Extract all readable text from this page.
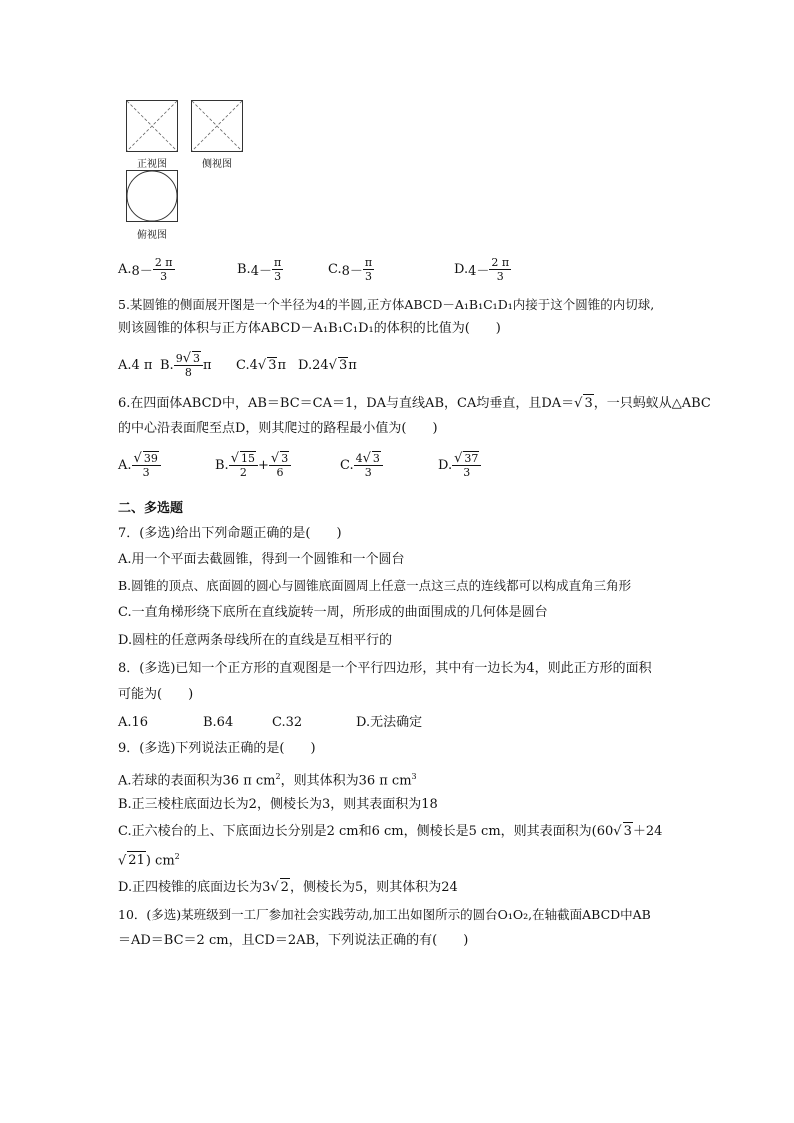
正视图	侧视图
俯视图
A. $8- \frac{2 \pi}{3}$	B. $4- \frac{\pi}{3}$	C. $8- \frac{\pi}{3}$	D. $4- \frac{2 \pi}{3}$
5.某圆锥的侧面展开图是一个半径为4的半圆,正方体ABCD－A₁B₁C₁D₁内接于这个圆锥的内切球,
则该圆锥的体积与正方体ABCD－A₁B₁C₁D₁的体积的比值为(　　)
A.4 π B. $\frac{9√ 3}{8}$ π C.4 √ 3 π D.24 √ 3 π
6.在四面体ABCD中，AB＝BC＝CA＝1，DA与直线AB，CA均垂直，且DA＝√ 3，一只蚂蚁从△ABC
的中心沿表面爬至点D，则其爬过的路程最小值为(　　)
A. $\frac{√ 39}{3}$	B. $\frac{√ 15}{2} + \frac{√ 3}{6}$	C. $\frac{4√ 3}{3}$	D. $\frac{√ 37}{3}$
二、多选题
7．(多选)给出下列命题正确的是(　　)
A.用一个平面去截圆锥，得到一个圆锥和一个圆台
B.圆锥的顶点、底面圆的圆心与圆锥底面圆周上任意一点这三点的连线都可以构成直角三角形
C.一直角梯形绕下底所在直线旋转一周，所形成的曲面围成的几何体是圆台
D.圆柱的任意两条母线所在的直线是互相平行的
8．(多选)已知一个正方形的直观图是一个平行四边形，其中有一边长为4，则此正方形的面积
可能为(　　)
A.16	B.64	C.32	D.无法确定
9．(多选)下列说法正确的是(　　)
A.若球的表面积为36 π $cm^2$，则其体积为36 π $cm^3$
B.正三棱柱底面边长为2，侧棱长为3，则其表面积为18
C.正六棱台的上、下底面边长分别是2 cm和6 cm，侧棱长是5 cm，则其表面积为(60√ 3＋24
√ 21) $cm^2$
D.正四棱锥的底面边长为3√ 2，侧棱长为5，则其体积为24
10．(多选)某班级到一工厂参加社会实践劳动,加工出如图所示的圆台O₁O₂,在轴截面ABCD中AB
＝AD＝BC＝2 cm，且CD＝2AB，下列说法正确的有(　　)
